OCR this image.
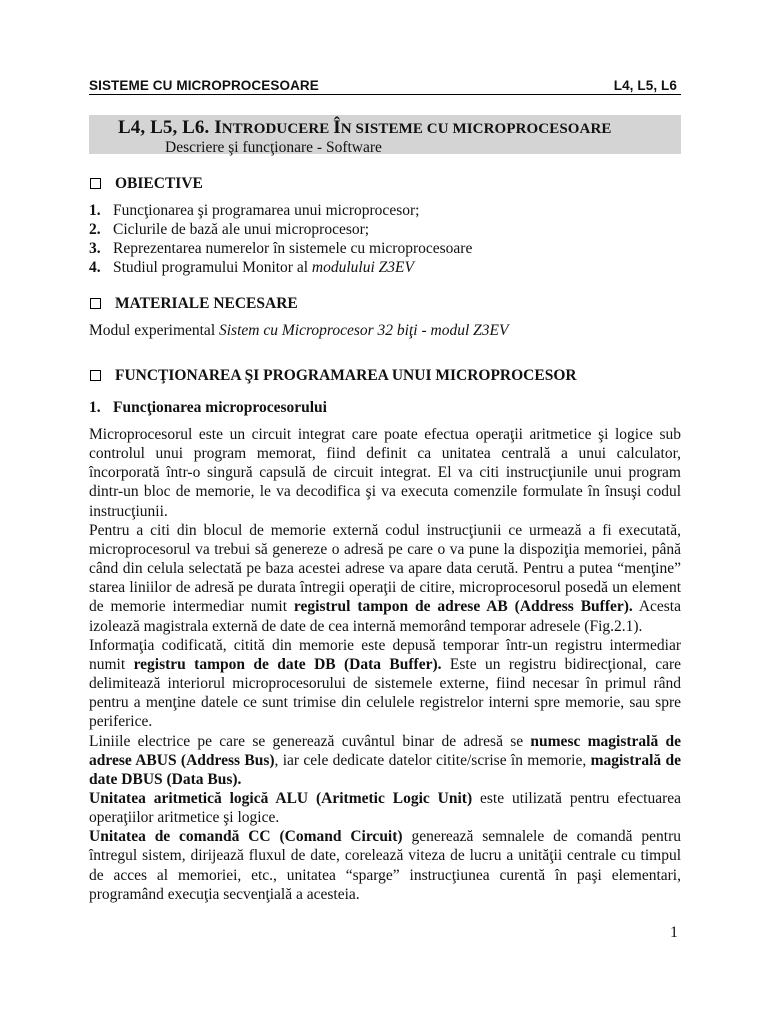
SISTEME CU MICROPROCESOARE	L4, L5, L6
L4, L5, L6. INTRODUCERE ÎN SISTEME CU MICROPROCESOARE
Descriere şi funcţionare - Software
OBIECTIVE
1. Funcţionarea şi programarea unui microprocesor;
2. Ciclurile de bază ale unui microprocesor;
3. Reprezentarea numerelor în sistemele cu microprocesoare
4. Studiul programului Monitor al modulului Z3EV
MATERIALE NECESARE
Modul experimental Sistem cu Microprocesor 32 biţi - modul Z3EV
FUNCŢIONAREA ŞI PROGRAMAREA UNUI MICROPROCESOR
1. Funcţionarea microprocesorului

Microprocesorul este un circuit integrat care poate efectua operaţii aritmetice şi logice sub controlul unui program memorat, fiind definit ca unitatea centrală a unui calculator, încorporată într-o singură capsulă de circuit integrat. El va citi instrucţiunile unui program dintr-un bloc de memorie, le va decodifica şi va executa comenzile formulate în însuşi codul instrucţiunii.

Pentru a citi din blocul de memorie externă codul instrucţiunii ce urmează a fi executată, microprocesorul va trebui să genereze o adresă pe care o va pune la dispoziţia memoriei, până când din celula selectată pe baza acestei adrese va apare data cerută. Pentru a putea “menţine” starea liniilor de adresă pe durata întregii operaţii de citire, microprocesorul posedă un element de memorie intermediar numit registrul tampon de adrese AB (Address Buffer). Acesta izolează magistrala externă de date de cea internă memorând temporar adresele (Fig.2.1).

Informaţia codificată, citită din memorie este depusă temporar într-un registru intermediar numit registru tampon de date DB (Data Buffer). Este un registru bidirecţional, care delimitează interiorul microprocesorului de sistemele externe, fiind necesar în primul rând pentru a menţine datele ce sunt trimise din celulele registrelor interni spre memorie, sau spre periferice.

Liniile electrice pe care se generează cuvântul binar de adresă se numesc magistrală de adrese ABUS (Address Bus), iar cele dedicate datelor citite/scrise în memorie, magistrală de date DBUS (Data Bus).

Unitatea aritmetică logică ALU (Aritmetic Logic Unit) este utilizată pentru efectuarea operaţiilor aritmetice şi logice.

Unitatea de comandă CC (Comand Circuit) generează semnalele de comandă pentru întregul sistem, dirijează fluxul de date, corelează viteza de lucru a unităţii centrale cu timpul de acces al memoriei, etc., unitatea “sparge” instrucţiunea curentă în paşi elementari, programând execuţia secvenţială a acesteia.

1
